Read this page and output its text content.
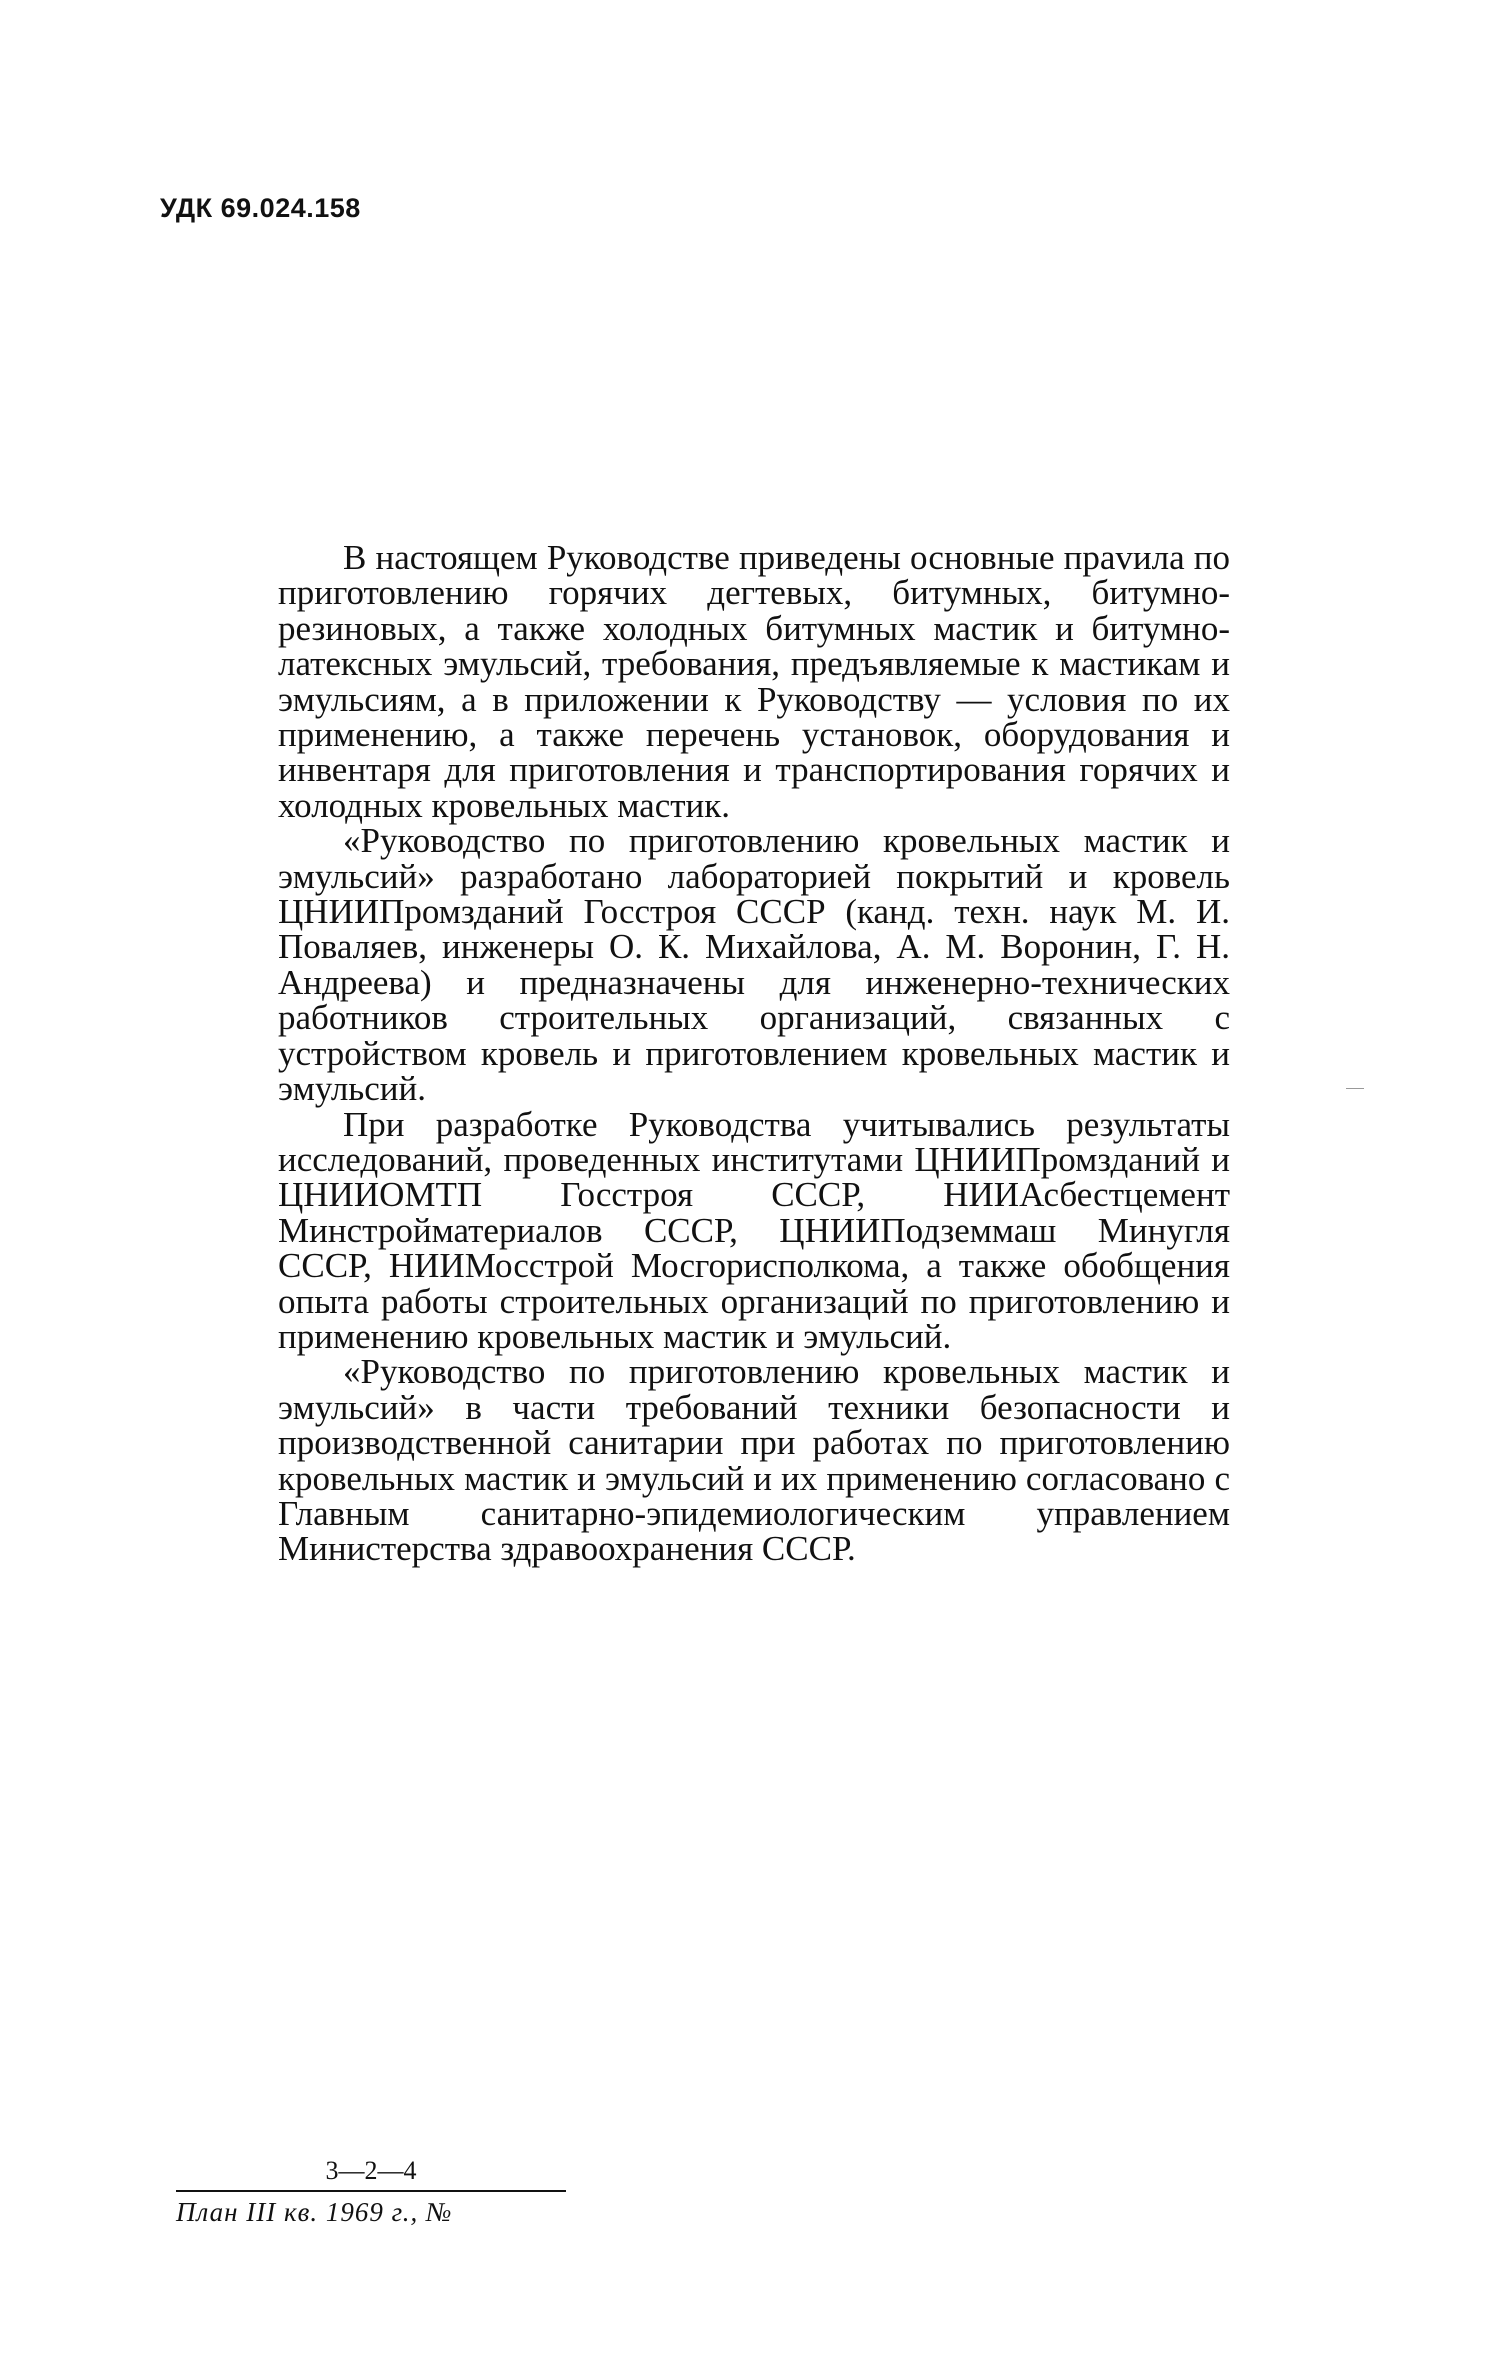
УДК 69.024.158

В настоящем Руководстве приведены основные праvила по приготовлению горячих дегтевых, битумных, битумно-резиновых, а также холодных битумных мастик и битумно-латексных эмульсий, требования, предъявляемые к мастикам и эмульсиям, а в приложении к Руководству — условия по их применению, а также перечень установок, оборудования и инвентаря для приготовления и транспортирования горячих и холодных кровельных мастик.

«Руководство по приготовлению кровельных мастик и эмульсий» разработано лабораторией покрытий и кровель ЦНИИПромзданий Госстроя СССР (канд. техн. наук М. И. Поваляев, инженеры О. К. Михайлова, А. М. Воронин, Г. Н. Андреева) и предназначены для инженерно-технических работников строительных организаций, связанных с устройством кровель и приготовлением кровельных мастик и эмульсий.

При разработке Руководства учитывались результаты исследований, проведенных институтами ЦНИИПромзданий и ЦНИИОМТП Госстроя СССР, НИИАсбестцемент Минстройматериалов СССР, ЦНИИПодземмаш Минугля СССР, НИИМосстрой Мосгорисполкома, а также обобщения опыта работы строительных организаций по приготовлению и применению кровельных мастик и эмульсий.

«Руководство по приготовлению кровельных мастик и эмульсий» в части требований техники безопасности и производственной санитарии при работах по приготовлению кровельных мастик и эмульсий и их применению согласовано с Главным санитарно-эпидемиологическим управлением Министерства здравоохранения СССР.

3—2—4
План III кв. 1969 г., №
